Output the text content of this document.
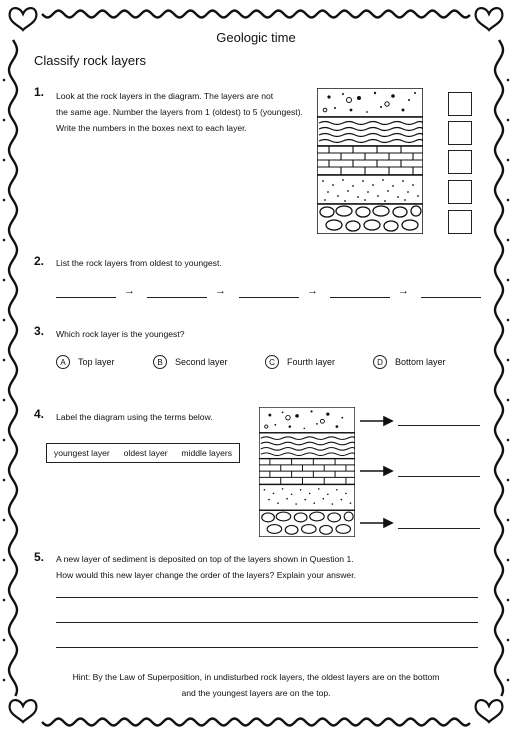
Geologic time
Classify rock layers
1. Look at the rock layers in the diagram. The layers are not
the same age. Number the layers from 1 (oldest) to 5 (youngest).
Write the numbers in the boxes next to each layer.
2. List the rock layers from oldest to youngest.
→	→	→	→
3. Which rock layer is the youngest?
A	Top layer	B	Second layer	C	Fourth layer	D	Bottom layer
4. Label the diagram using the terms below.
youngest layer oldest layer middle layers
5. A new layer of sediment is deposited on top of the layers shown in Question 1.
How would this new layer change the order of the layers? Explain your answer.
Hint: By the Law of Superposition, in undisturbed rock layers, the oldest layers are on the bottom
and the youngest layers are on the top.
